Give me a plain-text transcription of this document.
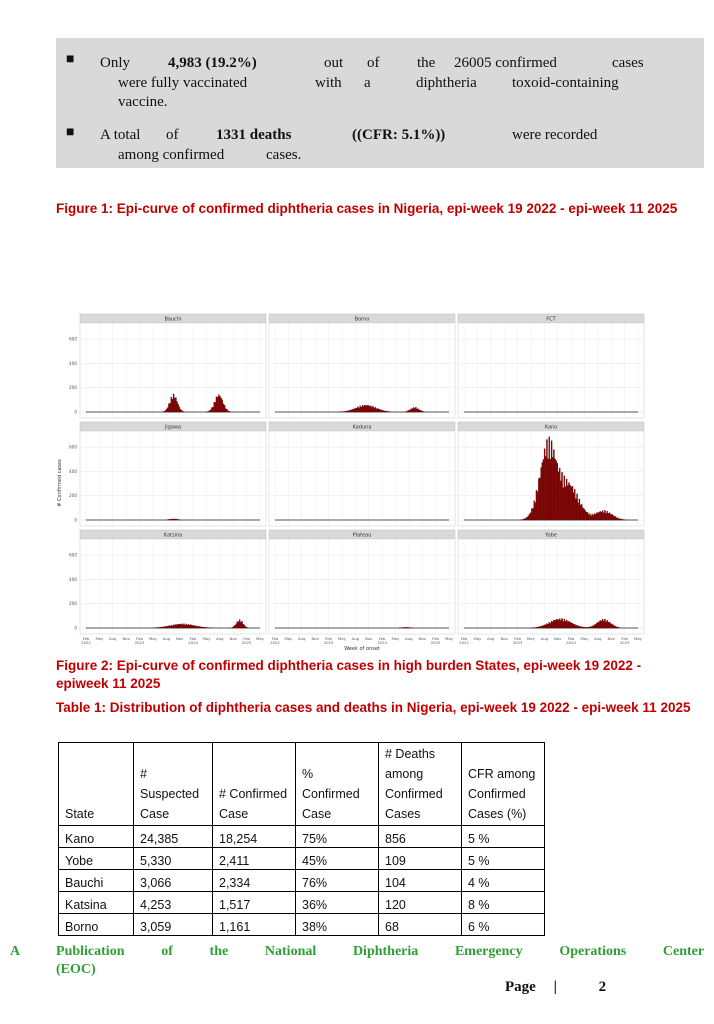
■ Only	4,983 (19.2%)	out of	the 26005 confirmed	cases
were fully vaccinated	with a	diphtheria toxoid-containing
vaccine.
■ A total of	1331 deaths	((CFR: 5.1%))	were recorded
among confirmed	cases.
Figure 1: Epi-curve of confirmed diphtheria cases in Nigeria, epi-week 19 2022 - epi-week 11 2025
# Confirmed cases
Bauchi
0
200
400
600
Borno	FCT
Jigawa
0
200
400
600
Kaduna	Kano
Katsina
0
200
400
600
Feb
2022
May Aug Nov Feb
2023
May Aug Nov Feb
2024
May Aug Nov Feb
2025
May
Plateau
Feb
2022
May Aug Nov Feb
2023
May Aug Nov Feb
2024
May Aug Nov Feb
2025
May
Yobe
Feb
2022
May Aug Nov Feb
2023
May Aug Nov Feb
2024
May Aug Nov Feb
2025
May
Week of onset
Figure 2: Epi-curve of confirmed diphtheria cases in high burden States, epi-week 19 2022 - epiweek 11 2025
Table 1: Distribution of diphtheria cases and deaths in Nigeria, epi-week 19 2022 - epi-week 11 2025
State	# Suspected Case	# Confirmed Case	% Confirmed Case	# Deaths among Confirmed Cases	CFR among Confirmed Cases (%)
Kano	24,385	18,254	75%	856	5 %
Yobe	5,330	2,411	45%	109	5 %
Bauchi	3,066	2,334	76%	104	4 %
Katsina	4,253	1,517	36%	120	8 %
Borno	3,059	1,161	38%	68	6 %
A	Publication	of	the	National	Diphtheria	Emergency	Operations	Center
(EOC)
Page |	2
